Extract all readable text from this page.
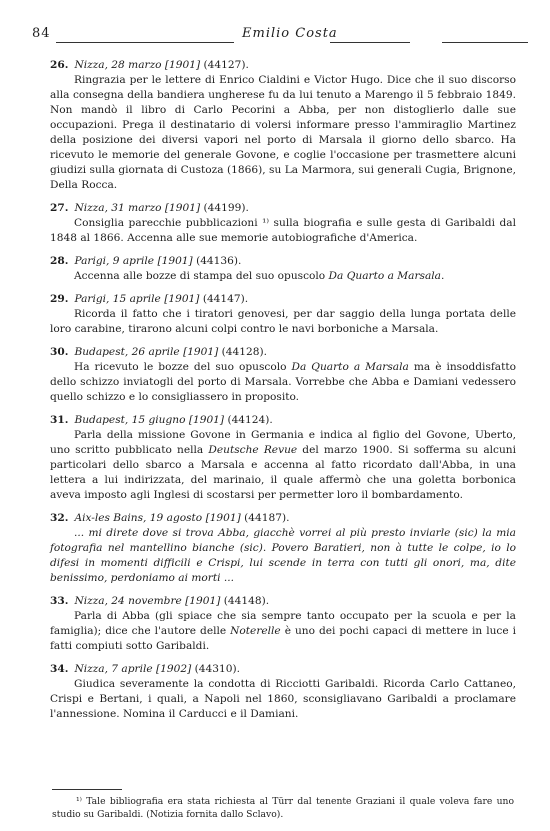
84	Emilio Costa

26. Nizza, 28 marzo [1901] (44127).

Ringrazia per le lettere di Enrico Cialdini e Victor Hugo. Dice che il suo discorso alla consegna della bandiera ungherese fu da lui tenuto a Marengo il 5 febbraio 1849. Non mandò il libro di Carlo Pecorini a Abba, per non distoglierlo dalle sue occupazioni. Prega il destinatario di volersi informare presso l'ammiraglio Martinez della posizione dei diversi vapori nel porto di Marsala il giorno dello sbarco. Ha ricevuto le memorie del generale Govone, e coglie l'occasione per trasmettere alcuni giudizi sulla giornata di Custoza (1866), su La Marmora, sui generali Cugia, Brignone, Della Rocca.

27. Nizza, 31 marzo [1901] (44199).

Consiglia parecchie pubblicazioni ¹⁾ sulla biografia e sulle gesta di Garibaldi dal 1848 al 1866. Accenna alle sue memorie autobiografiche d'America.

28. Parigi, 9 aprile [1901] (44136).

Accenna alle bozze di stampa del suo opuscolo Da Quarto a Marsala.

29. Parigi, 15 aprile [1901] (44147).

Ricorda il fatto che i tiratori genovesi, per dar saggio della lunga portata delle loro carabine, tirarono alcuni colpi contro le navi borboniche a Marsala.

30. Budapest, 26 aprile [1901] (44128).

Ha ricevuto le bozze del suo opuscolo Da Quarto a Marsala ma è insoddisfatto dello schizzo inviatogli del porto di Marsala. Vorrebbe che Abba e Damiani vedessero quello schizzo e lo consigliassero in proposito.

31. Budapest, 15 giugno [1901] (44124).

Parla della missione Govone in Germania e indica al figlio del Govone, Uberto, uno scritto pubblicato nella Deutsche Revue del marzo 1900. Si sofferma su alcuni particolari dello sbarco a Marsala e accenna al fatto ricordato dall'Abba, in una lettera a lui indirizzata, del marinaio, il quale affermò che una goletta borbonica aveva imposto agli Inglesi di scostarsi per permetter loro il bombardamento.

32. Aix-les Bains, 19 agosto [1901] (44187).

... mi direte dove si trova Abba, giacchè vorrei al più presto inviarle (sic) la mia fotografia nel mantellino bianche (sic). Povero Baratieri, non à tutte le colpe, io lo difesi in momenti difficili e Crispi, lui scende in terra con tutti gli onori, ma, dite benissimo, perdoniamo ai morti ...

33. Nizza, 24 novembre [1901] (44148).

Parla di Abba (gli spiace che sia sempre tanto occupato per la scuola e per la famiglia); dice che l'autore delle Noterelle è uno dei pochi capaci di mettere in luce i fatti compiuti sotto Garibaldi.

34. Nizza, 7 aprile [1902] (44310).

Giudica severamente la condotta di Ricciotti Garibaldi. Ricorda Carlo Cattaneo, Crispi e Bertani, i quali, a Napoli nel 1860, sconsigliavano Garibaldi a proclamare l'annessione. Nomina il Carducci e il Damiani.

¹⁾ Tale bibliografia era stata richiesta al Türr dal tenente Graziani il quale voleva fare uno studio su Garibaldi. (Notizia fornita dallo Sclavo).
